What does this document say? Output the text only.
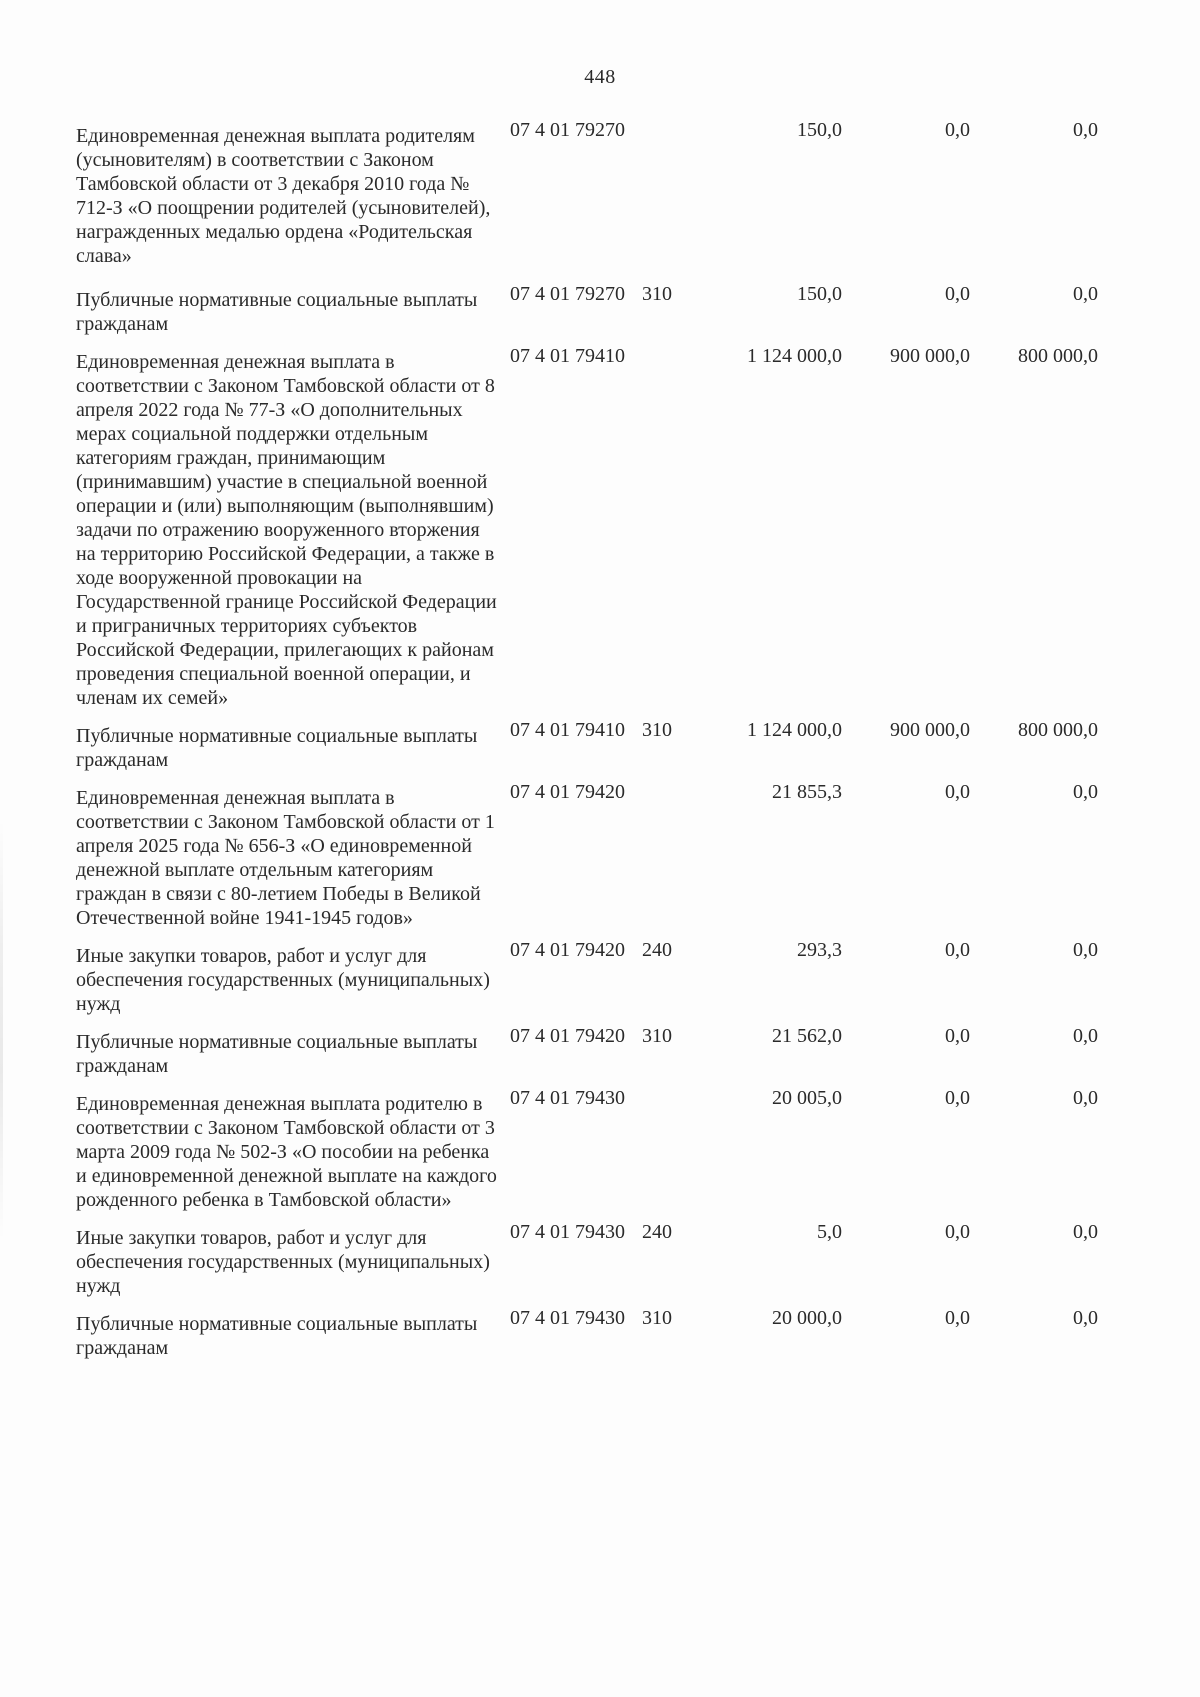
448
Единовременная денежная выплата родителям (усыновителям) в соответствии с Законом Тамбовской области от 3 декабря 2010 года № 712-З «О поощрении родителей (усыновителей), награжденных медалью ордена «Родительская слава»
07 4 01 79270	150,0	0,0	0,0
Публичные нормативные социальные выплаты гражданам
07 4 01 79270 310	150,0	0,0	0,0
Единовременная денежная выплата в соответствии с Законом Тамбовской области от 8 апреля 2022 года № 77-З «О дополнительных мерах социальной поддержки отдельным категориям граждан, принимающим (принимавшим) участие в специальной военной операции и (или) выполняющим (выполнявшим) задачи по отражению вооруженного вторжения на территорию Российской Федерации, а также в ходе вооруженной провокации на Государственной границе Российской Федерации и приграничных территориях субъектов Российской Федерации, прилегающих к районам проведения специальной военной операции, и членам их семей»
07 4 01 79410	1 124 000,0	900 000,0	800 000,0
Публичные нормативные социальные выплаты гражданам
07 4 01 79410 310	1 124 000,0	900 000,0	800 000,0
Единовременная денежная выплата в соответствии с Законом Тамбовской области от 1 апреля 2025 года № 656-З «О единовременной денежной выплате отдельным категориям граждан в связи с 80-летием Победы в Великой Отечественной войне 1941-1945 годов»
07 4 01 79420	21 855,3	0,0	0,0
Иные закупки товаров, работ и услуг для обеспечения государственных (муниципальных) нужд
07 4 01 79420 240	293,3	0,0	0,0
Публичные нормативные социальные выплаты гражданам
07 4 01 79420 310	21 562,0	0,0	0,0
Единовременная денежная выплата родителю в соответствии с Законом Тамбовской области от 3 марта 2009 года № 502-З «О пособии на ребенка и единовременной денежной выплате на каждого рожденного ребенка в Тамбовской области»
07 4 01 79430	20 005,0	0,0	0,0
Иные закупки товаров, работ и услуг для обеспечения государственных (муниципальных) нужд
07 4 01 79430 240	5,0	0,0	0,0
Публичные нормативные социальные выплаты гражданам
07 4 01 79430 310	20 000,0	0,0	0,0
